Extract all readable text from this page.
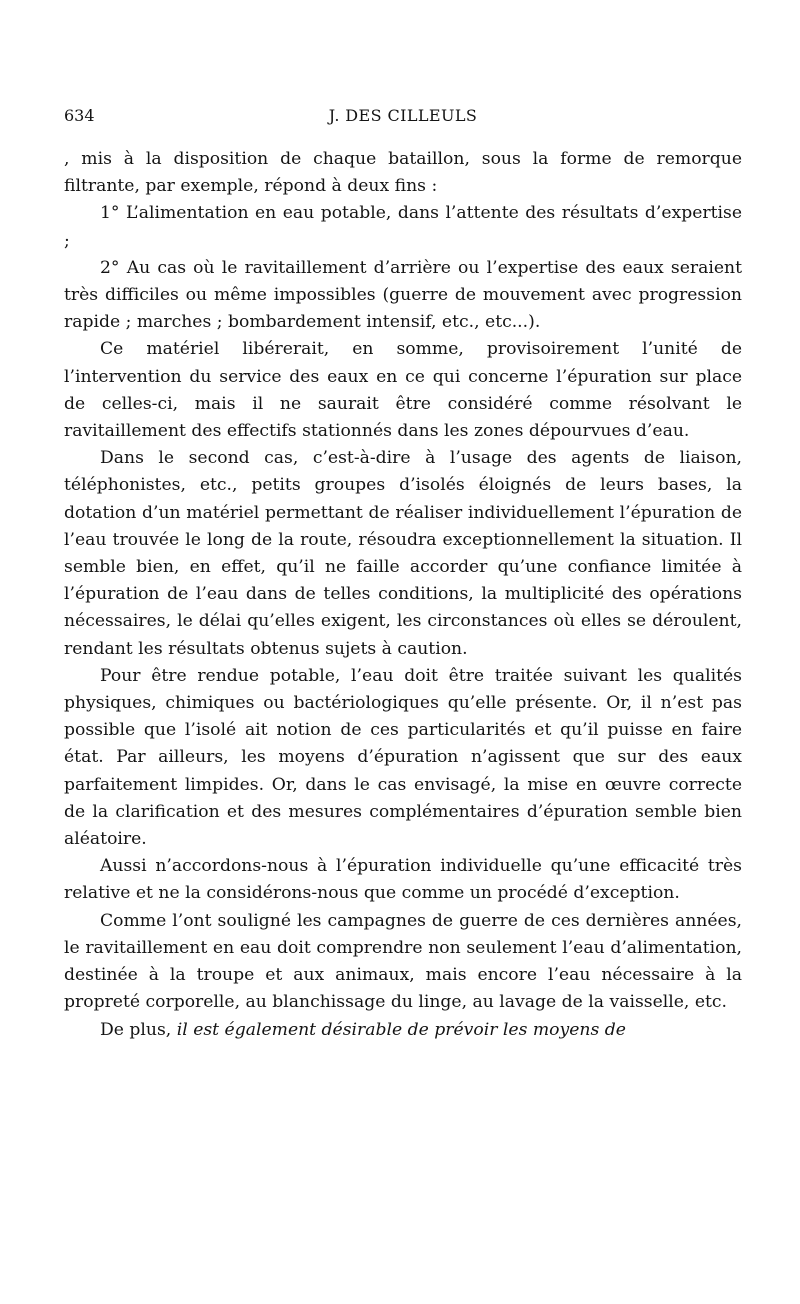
634	J. DES CILLEULS

, mis à la disposition de chaque bataillon, sous la forme de remorque filtrante, par exemple, répond à deux fins :

1° L’alimentation en eau potable, dans l’attente des résultats d’expertise ;

2° Au cas où le ravitaillement d’arrière ou l’expertise des eaux seraient très difficiles ou même impossibles (guerre de mouvement avec progression rapide ; marches ; bombardement intensif, etc., etc...).

Ce matériel libérerait, en somme, provisoirement l’unité de l’intervention du service des eaux en ce qui concerne l’épuration sur place de celles-ci, mais il ne saurait être considéré comme résolvant le ravitaillement des effectifs stationnés dans les zones dépourvues d’eau.

Dans le second cas, c’est-à-dire à l’usage des agents de liaison, téléphonistes, etc., petits groupes d’isolés éloignés de leurs bases, la dotation d’un matériel permettant de réaliser individuellement l’épuration de l’eau trouvée le long de la route, résoudra exceptionnellement la situation. Il semble bien, en effet, qu’il ne faille accorder qu’une confiance limitée à l’épuration de l’eau dans de telles conditions, la multiplicité des opérations nécessaires, le délai qu’elles exigent, les circonstances où elles se déroulent, rendant les résultats obtenus sujets à caution.

Pour être rendue potable, l’eau doit être traitée suivant les qualités physiques, chimiques ou bactériologiques qu’elle présente. Or, il n’est pas possible que l’isolé ait notion de ces particularités et qu’il puisse en faire état. Par ailleurs, les moyens d’épuration n’agissent que sur des eaux parfaitement limpides. Or, dans le cas envisagé, la mise en œuvre correcte de la clarification et des mesures complémentaires d’épuration semble bien aléatoire.

Aussi n’accordons-nous à l’épuration individuelle qu’une efficacité très relative et ne la considérons-nous que comme un procédé d’exception.

Comme l’ont souligné les campagnes de guerre de ces dernières années, le ravitaillement en eau doit comprendre non seulement l’eau d’alimentation, destinée à la troupe et aux animaux, mais encore l’eau nécessaire à la propreté corporelle, au blanchissage du linge, au lavage de la vaisselle, etc.

De plus, il est également désirable de prévoir les moyens de
